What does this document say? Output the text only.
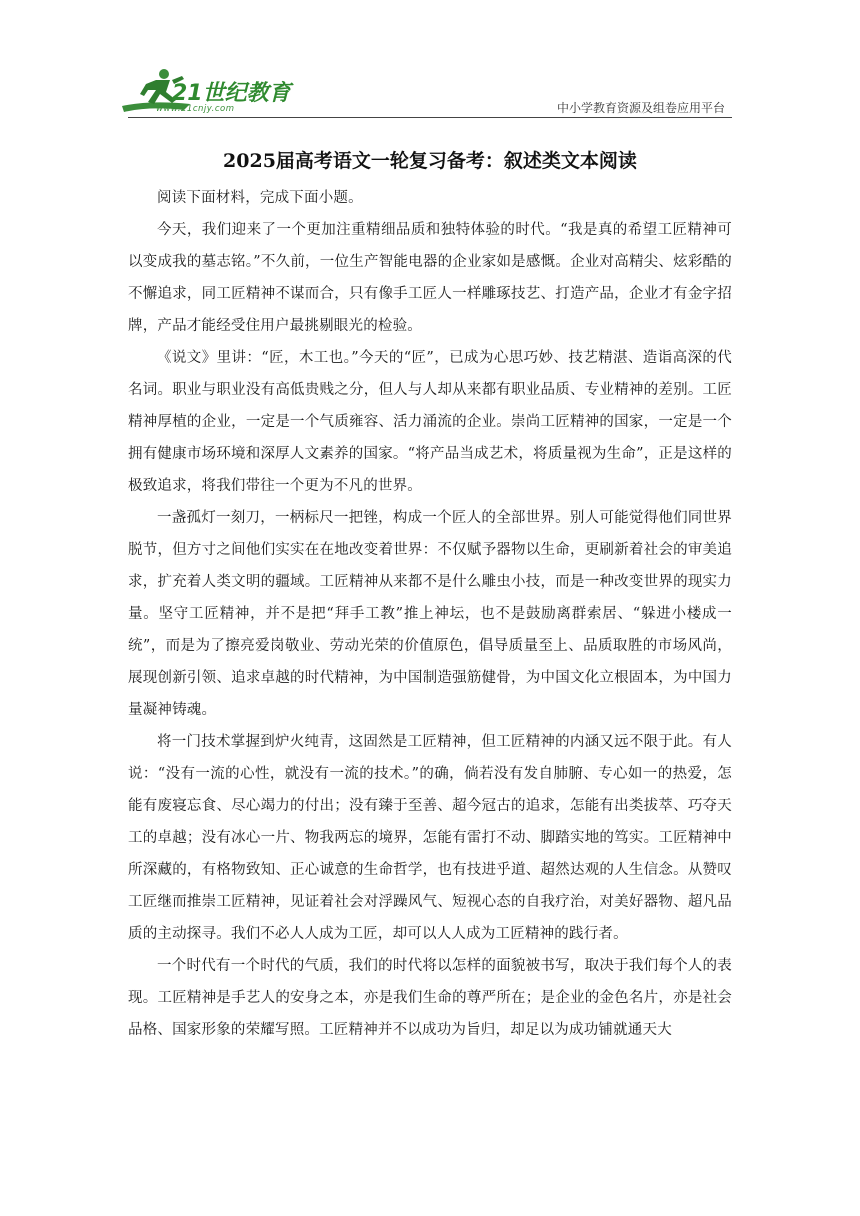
21世纪教育
www.21cnjy.com	中小学教育资源及组卷应用平台
2025届高考语文一轮复习备考：叙述类文本阅读

阅读下面材料，完成下面小题。

今天，我们迎来了一个更加注重精细品质和独特体验的时代。“我是真的希望工匠精神可以变成我的墓志铭。”不久前，一位生产智能电器的企业家如是感慨。企业对高精尖、炫彩酷的不懈追求，同工匠精神不谋而合，只有像手工匠人一样雕琢技艺、打造产品，企业才有金字招牌，产品才能经受住用户最挑剔眼光的检验。

《说文》里讲：“匠，木工也。”今天的“匠”，已成为心思巧妙、技艺精湛、造诣高深的代名词。职业与职业没有高低贵贱之分，但人与人却从来都有职业品质、专业精神的差别。工匠精神厚植的企业，一定是一个气质雍容、活力涌流的企业。崇尚工匠精神的国家，一定是一个拥有健康市场环境和深厚人文素养的国家。“将产品当成艺术，将质量视为生命”，正是这样的极致追求，将我们带往一个更为不凡的世界。

一盏孤灯一刻刀，一柄标尺一把锉，构成一个匠人的全部世界。别人可能觉得他们同世界脱节，但方寸之间他们实实在在地改变着世界：不仅赋予器物以生命，更刷新着社会的审美追求，扩充着人类文明的疆域。工匠精神从来都不是什么雕虫小技，而是一种改变世界的现实力量。坚守工匠精神，并不是把“拜手工教”推上神坛，也不是鼓励离群索居、“躲进小楼成一统”，而是为了擦亮爱岗敬业、劳动光荣的价值原色，倡导质量至上、品质取胜的市场风尚，展现创新引领、追求卓越的时代精神，为中国制造强筋健骨，为中国文化立根固本，为中国力量凝神铸魂。

将一门技术掌握到炉火纯青，这固然是工匠精神，但工匠精神的内涵又远不限于此。有人说：“没有一流的心性，就没有一流的技术。”的确，倘若没有发自肺腑、专心如一的热爱，怎能有废寝忘食、尽心竭力的付出；没有臻于至善、超今冠古的追求，怎能有出类拔萃、巧夺天工的卓越；没有冰心一片、物我两忘的境界，怎能有雷打不动、脚踏实地的笃实。工匠精神中所深藏的，有格物致知、正心诚意的生命哲学，也有技进乎道、超然达观的人生信念。从赞叹工匠继而推崇工匠精神，见证着社会对浮躁风气、短视心态的自我疗治，对美好器物、超凡品质的主动探寻。我们不必人人成为工匠，却可以人人成为工匠精神的践行者。

一个时代有一个时代的气质，我们的时代将以怎样的面貌被书写，取决于我们每个人的表现。工匠精神是手艺人的安身之本，亦是我们生命的尊严所在；是企业的金色名片，亦是社会品格、国家形象的荣耀写照。工匠精神并不以成功为旨归，却足以为成功铺就通天大
